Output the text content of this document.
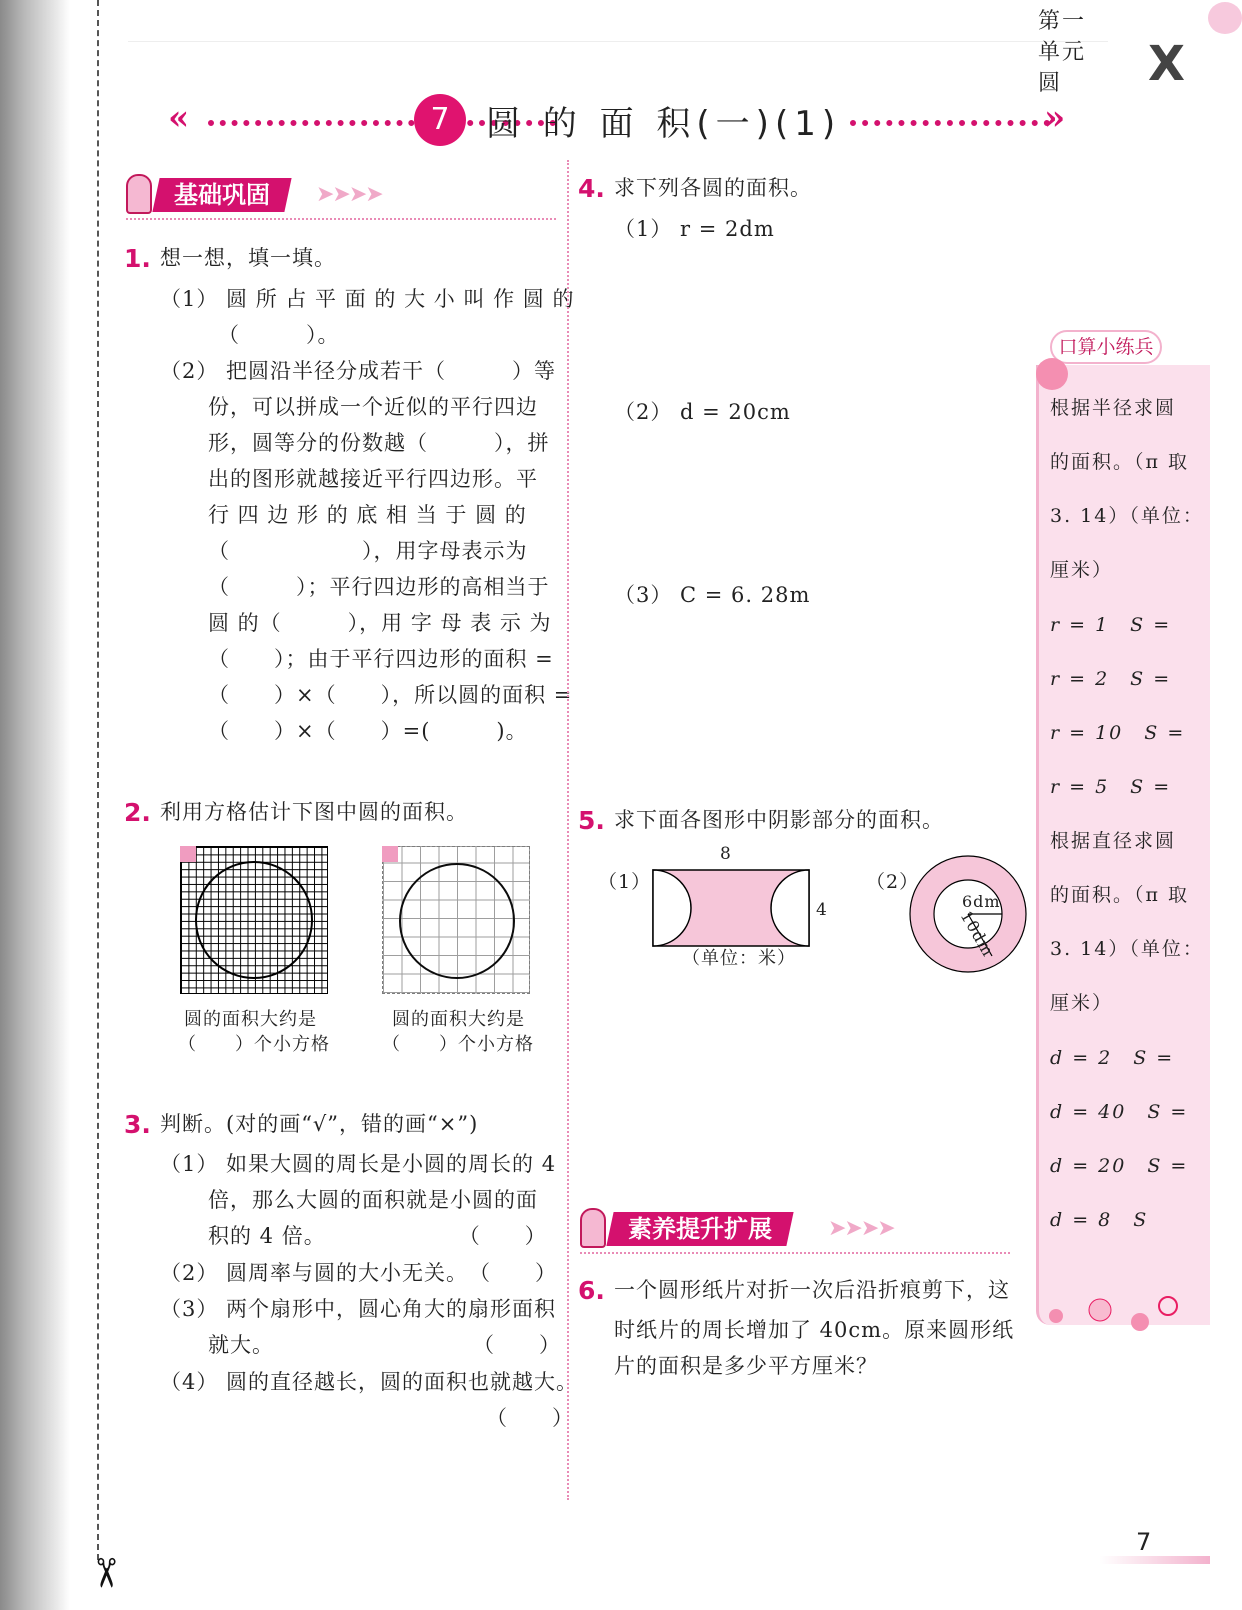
✂
第一单元　圆	X
«	7	圆 的 面 积(一)(1)	»
基础巩固	➤➤➤➤
1. 想一想，填一填。
（1） 圆 所 占 平 面 的 大 小 叫 作 圆 的
（　　　）。
（2） 把圆沿半径分成若干（　　　）等
份，可以拼成一个近似的平行四边
形，圆等分的份数越（　　　），拼
出的图形就越接近平行四边形。平
行 四 边 形 的 底 相 当 于 圆 的
（　　　　　　），用字母表示为
（　　　）；平行四边形的高相当于
圆 的（　　　），用 字 母 表 示 为
（　　）；由于平行四边形的面积 =
（　　）×（　　），所以圆的面积 =
（　　）×（　　）=(　　　)。
2. 利用方格估计下图中圆的面积。
圆的面积大约是
（　　）个小方格
圆的面积大约是
（　　）个小方格
3. 判断。(对的画“√”，错的画“×”)
（1） 如果大圆的周长是小圆的周长的 4
倍，那么大圆的面积就是小圆的面
积的 4 倍。　　　　　　　（　　）
（2） 圆周率与圆的大小无关。　（　　）
（3） 两个扇形中，圆心角大的扇形面积
就大。　　　　　　　　　　（　　）
（4） 圆的直径越长，圆的面积也就越大。
（　　）
4. 求下列各圆的面积。
（1） r = 2dm
（2） d = 20cm
（3） C = 6. 28m
5. 求下面各图形中阴影部分的面积。
（1）
8
4
（单位：米）
（2）
6dm
10dm
素养提升扩展	➤➤➤➤
6. 一个圆形纸片对折一次后沿折痕剪下，这
时纸片的周长增加了 40cm。原来圆形纸
片的面积是多少平方厘米？
口算小练兵
根据半径求圆
的面积。（π 取
3. 14）（单位：
厘米）
r = 1　S =
r = 2　S =
r = 10　S =
r = 5　S =
根据直径求圆
的面积。（π 取
3. 14）（单位：
厘米）
d = 2　S =
d = 40　S =
d = 20　S =
d = 8　S
7
